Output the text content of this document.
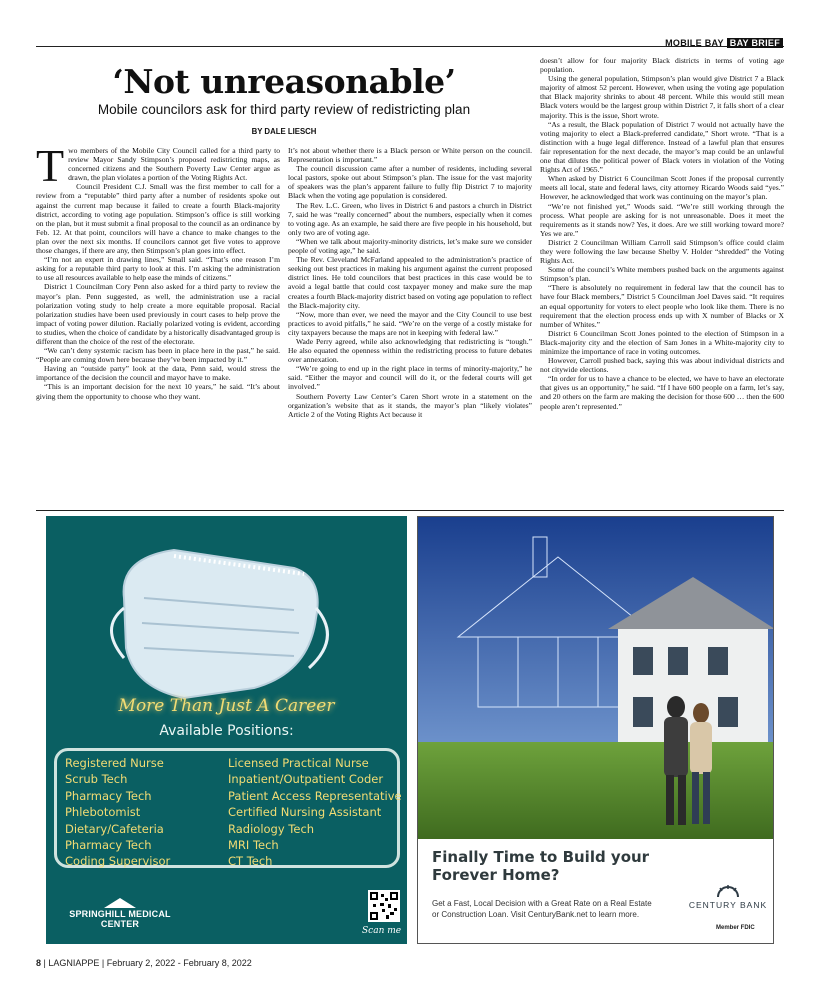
MOBILE BAY BAY BRIEF
‘Not unreasonable’
Mobile councilors ask for third party review of redistricting plan
BY DALE LIESCH
T wo members of the Mobile City Council called for a third party to review Mayor Sandy Stimpson’s proposed redistricting maps, as concerned citizens and the Southern Poverty Law Center argue as drawn, the plan violates a portion of the Voting Rights Act.

Council President C.J. Small was the first member to call for a review from a “reputable” third party after a number of residents spoke out against the current map because it failed to create a fourth Black-majority district, according to voting age population. Stimpson’s office is still working on the plan, but it must submit a final proposal to the council as an ordinance by Feb. 12. At that point, councilors will have a chance to make changes to the plan over the next six months. If councilors cannot get five votes to approve those changes, if there are any, then Stimpson’s plan goes into effect.

“I’m not an expert in drawing lines,” Small said. “That’s one reason I’m asking for a reputable third party to look at this. I’m asking the administration to use all resources available to help ease the minds of citizens.”

District 1 Councilman Cory Penn also asked for a third party to review the mayor’s plan. Penn suggested, as well, the administration use a racial polarization voting study to help create a more equitable proposal. Racial polarization studies have been used previously in court cases to help prove the impact of voting power dilution. Racially polarized voting is evident, according to studies, when the choice of candidate by a historically disadvantaged group is different than the choice of the rest of the electorate.

“We can’t deny systemic racism has been in place here in the past,” he said. “People are coming down here because they’ve been impacted by it.”

Having an “outside party” look at the data, Penn said, would stress the importance of the decision the council and mayor have to make.

“This is an important decision for the next 10 years,” he said. “It’s about giving them the opportunity to choose who they want.

It’s not about whether there is a Black person or White person on the council. Representation is important.”

The council discussion came after a number of residents, including several local pastors, spoke out about Stimpson’s plan. The issue for the vast majority of speakers was the plan’s apparent failure to fully flip District 7 to majority Black when the voting age population is considered.

The Rev. L.C. Green, who lives in District 6 and pastors a church in District 7, said he was “really concerned” about the numbers, especially when it comes to voting age. As an example, he said there are five people in his household, but only two are of voting age.

“When we talk about majority-minority districts, let’s make sure we consider people of voting age,” he said.

The Rev. Cleveland McFarland appealed to the administration’s practice of seeking out best practices in making his argument against the current proposed district lines. He told councilors that best practices in this case would be to avoid a legal battle that could cost taxpayer money and make sure the map creates a fourth Black-majority district based on voting age population to reflect the Black-majority city.

“Now, more than ever, we need the mayor and the City Council to use best practices to avoid pitfalls,” he said. “We’re on the verge of a costly mistake for city taxpayers because the maps are not in keeping with federal law.”

Wade Perry agreed, while also acknowledging that redistricting is “tough.” He also equated the openness within the redistricting process to future debates over annexation.

“We’re going to end up in the right place in terms of minority-majority,” he said. “Either the mayor and council will do it, or the federal courts will get involved.”

Southern Poverty Law Center’s Caren Short wrote in a statement on the organization’s website that as it stands, the mayor’s plan “likely violates” Article 2 of the Voting Rights Act because it

doesn’t allow for four majority Black districts in terms of voting age population.

Using the general population, Stimpson’s plan would give District 7 a Black majority of almost 52 percent. However, when using the voting age population that Black majority shrinks to about 48 percent. While this would still mean Black voters would be the largest group within District 7, it falls short of a clear majority. This is the issue, Short wrote.

“As a result, the Black population of District 7 would not actually have the voting majority to elect a Black-preferred candidate,” Short wrote. “That is a distinction with a huge legal difference. Instead of a lawful plan that ensures fair representation for the next decade, the mayor’s map could be an unlawful one that dilutes the political power of Black voters in violation of the Voting Rights Act of 1965.”

When asked by District 6 Councilman Scott Jones if the proposal currently meets all local, state and federal laws, city attorney Ricardo Woods said “yes.” However, he acknowledged that work was continuing on the mayor’s plan.

“We’re not finished yet,” Woods said. “We’re still working through the process. What people are asking for is not unreasonable. Does it meet the requirements as it stands now? Yes, it does. Are we still working toward more? Yes we are.”

District 2 Councilman William Carroll said Stimpson’s office could claim they were following the law because Shelby V. Holder “shredded” the Voting Rights Act.

Some of the council’s White members pushed back on the arguments against Stimpson’s plan.

“There is absolutely no requirement in federal law that the council has to have four Black members,” District 5 Councilman Joel Daves said. “It requires an equal opportunity for voters to elect people who look like them. There is no requirement that the election process ends up with X number of Blacks or X number of Whites.”

District 6 Councilman Scott Jones pointed to the election of Stimpson in a Black-majority city and the election of Sam Jones in a White-majority city to minimize the importance of race in voting outcomes.

However, Carroll pushed back, saying this was about individual districts and not citywide elections.

“In order for us to have a chance to be elected, we have to have an electorate that gives us an opportunity,” he said. “If I have 600 people on a farm, let’s say, and 20 others on the farm are making the decision for those 600 … then the 600 people aren’t represented.”

More Than Just A Career
Available Positions:
Registered Nurse
Scrub Tech
Pharmacy Tech
Phlebotomist
Dietary/Cafeteria
Pharmacy Tech
Coding Supervisor
Licensed Practical Nurse
Inpatient/Outpatient Coder
Patient Access Representative
Certified Nursing Assistant
Radiology Tech
MRI Tech
CT Tech
SPRINGHILL MEDICAL CENTER
Scan me
Finally Time to Build your Forever Home?
Get a Fast, Local Decision with a Great Rate on a Real Estate or Construction Loan. Visit CenturyBank.net to learn more.
CENTURY BANK
Member FDIC
8 | LAGNIAPPE | February 2, 2022 - February 8, 2022
